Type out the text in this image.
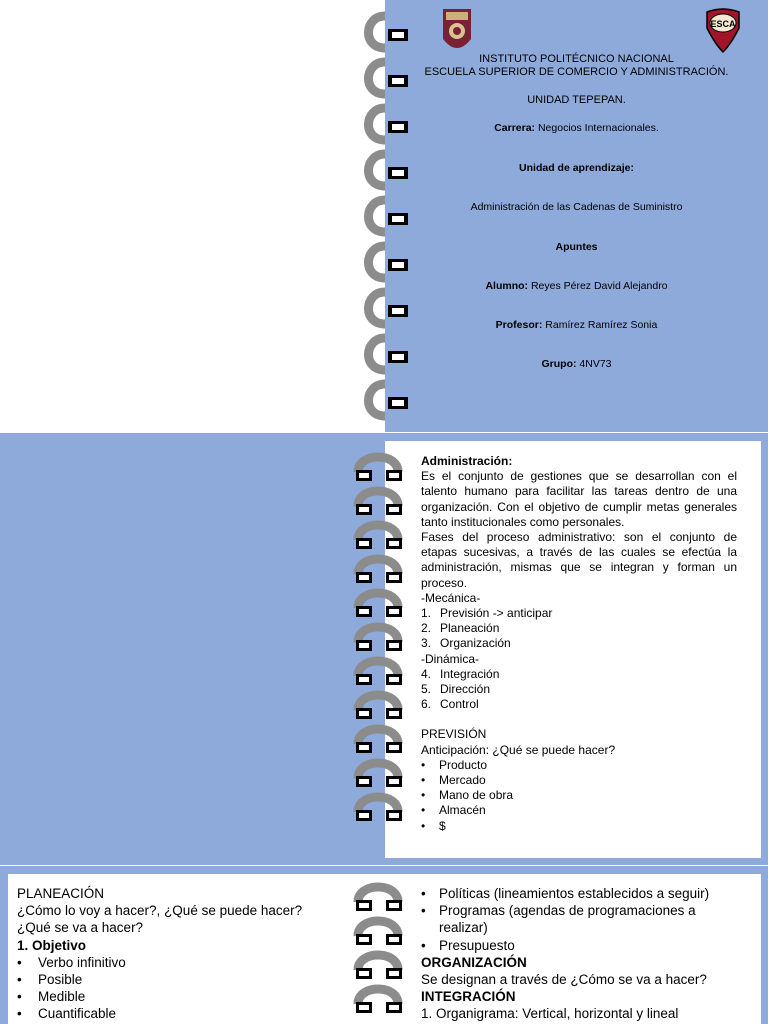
ESCA
INSTITUTO POLITÉCNICO NACIONAL
ESCUELA SUPERIOR DE COMERCIO Y ADMINISTRACIÓN.
UNIDAD TEPEPAN.
Carrera: Negocios Internacionales.
Unidad de aprendizaje:
Administración de las Cadenas de Suministro
Apuntes
Alumno: Reyes Pérez David Alejandro
Profesor: Ramírez Ramírez Sonia
Grupo: 4NV73

Administración:

Es el conjunto de gestiones que se desarrollan con el talento humano para facilitar las tareas dentro de una organización. Con el objetivo de cumplir metas generales tanto institucionales como personales.

Fases del proceso administrativo: son el conjunto de etapas sucesivas, a través de las cuales se efectúa la administración, mismas que se integran y forman un proceso.

-Mecánica-

1. Previsión -> anticipar
2. Planeación
3. Organización

-Dinámica-

4. Integración
5. Dirección
6. Control

PREVISIÓN

Anticipación: ¿Qué se puede hacer?

•	Producto
•	Mercado
•	Mano de obra
•	Almacén
•	$

PLANEACIÓN

¿Cómo lo voy a hacer?, ¿Qué se puede hacer?

¿Qué se va a hacer?

1. Objetivo

•	Verbo infinitivo
•	Posible
•	Medible
•	Cuantificable
• Políticas (lineamientos establecidos a seguir)
• Programas (agendas de programaciones a
realizar)
• Presupuesto

ORGANIZACIÓN

Se designan a través de ¿Cómo se va a hacer?

INTEGRACIÓN

1. Organigrama: Vertical, horizontal y lineal
